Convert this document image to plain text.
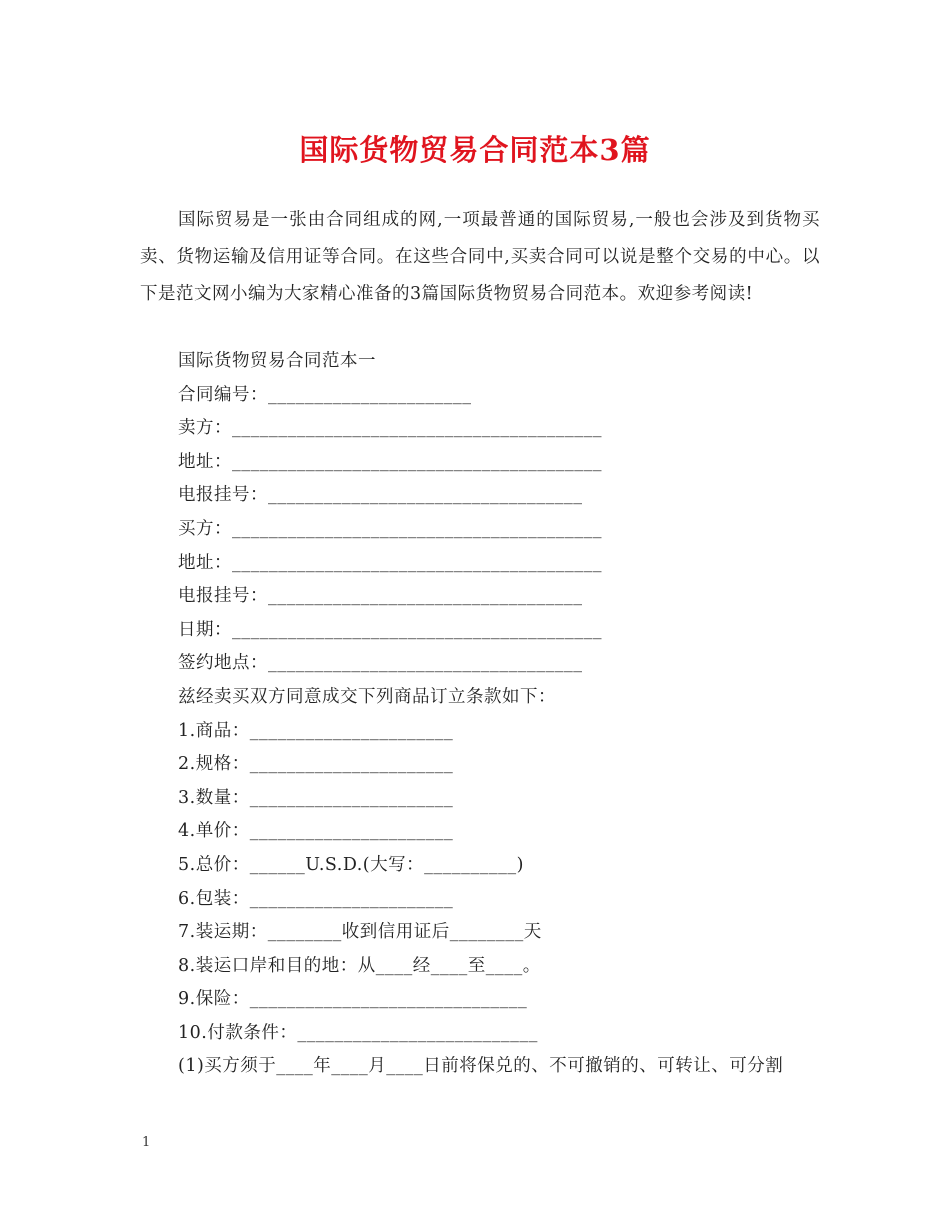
国际货物贸易合同范本3篇

国际贸易是一张由合同组成的网,一项最普通的国际贸易,一般也会涉及到货物买卖、货物运输及信用证等合同。在这些合同中,买卖合同可以说是整个交易的中心。以下是范文网小编为大家精心准备的3篇国际货物贸易合同范本。欢迎参考阅读!

国际货物贸易合同范本一
合同编号：______________________
卖方：________________________________________
地址：________________________________________
电报挂号：__________________________________
买方：________________________________________
地址：________________________________________
电报挂号：__________________________________
日期：________________________________________
签约地点：__________________________________
兹经卖买双方同意成交下列商品订立条款如下：
1.商品：______________________
2.规格：______________________
3.数量：______________________
4.单价：______________________
5.总价：______U.S.D.(大写：__________)
6.包装：______________________
7.装运期：________收到信用证后________天
8.装运口岸和目的地：从____经____至____。
9.保险：______________________________
10.付款条件：__________________________
(1)买方须于____年____月____日前将保兑的、不可撤销的、可转让、可分割
1
